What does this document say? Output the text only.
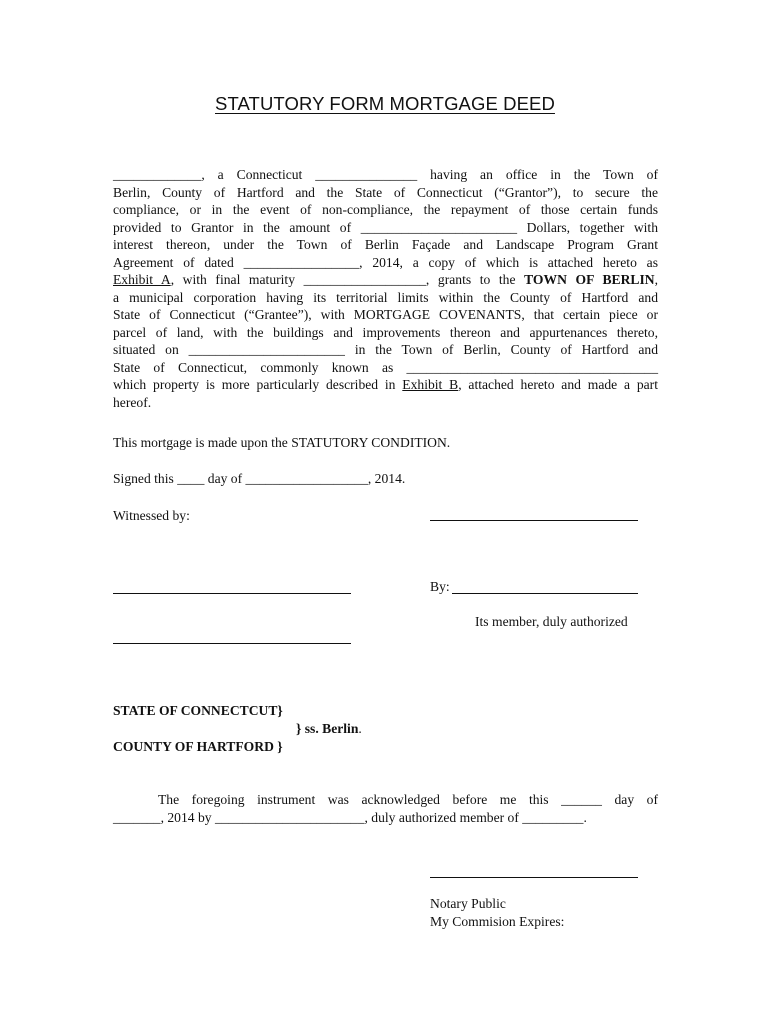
STATUTORY FORM MORTGAGE DEED
_____________, a Connecticut _______________ having an office in the Town of
Berlin, County of Hartford and the State of Connecticut (“Grantor”), to secure the
compliance, or in the event of non-compliance, the repayment of those certain funds
provided to Grantor in the amount of _______________________ Dollars, together with
interest thereon, under the Town of Berlin Façade and Landscape Program Grant
Agreement of dated _________________, 2014, a copy of which is attached hereto as
Exhibit A, with final maturity __________________, grants to the TOWN OF BERLIN,
a municipal corporation having its territorial limits within the County of Hartford and
State of Connecticut (“Grantee”), with MORTGAGE COVENANTS, that certain piece or
parcel of land, with the buildings and improvements thereon and appurtenances thereto,
situated on _______________________ in the Town of Berlin, County of Hartford and
State of Connecticut, commonly known as _____________________________________
which property is more particularly described in Exhibit B, attached hereto and made a part
hereof.
This mortgage is made upon the STATUTORY CONDITION.
Signed this ____ day of __________________, 2014.
Witnessed by:
By:
Its member, duly authorized
STATE OF CONNECTCUT}
} ss. Berlin.
COUNTY OF HARTFORD }
The foregoing instrument was acknowledged before me this ______ day of
_______, 2014 by ______________________, duly authorized member of _________.
Notary Public
My Commision Expires:
